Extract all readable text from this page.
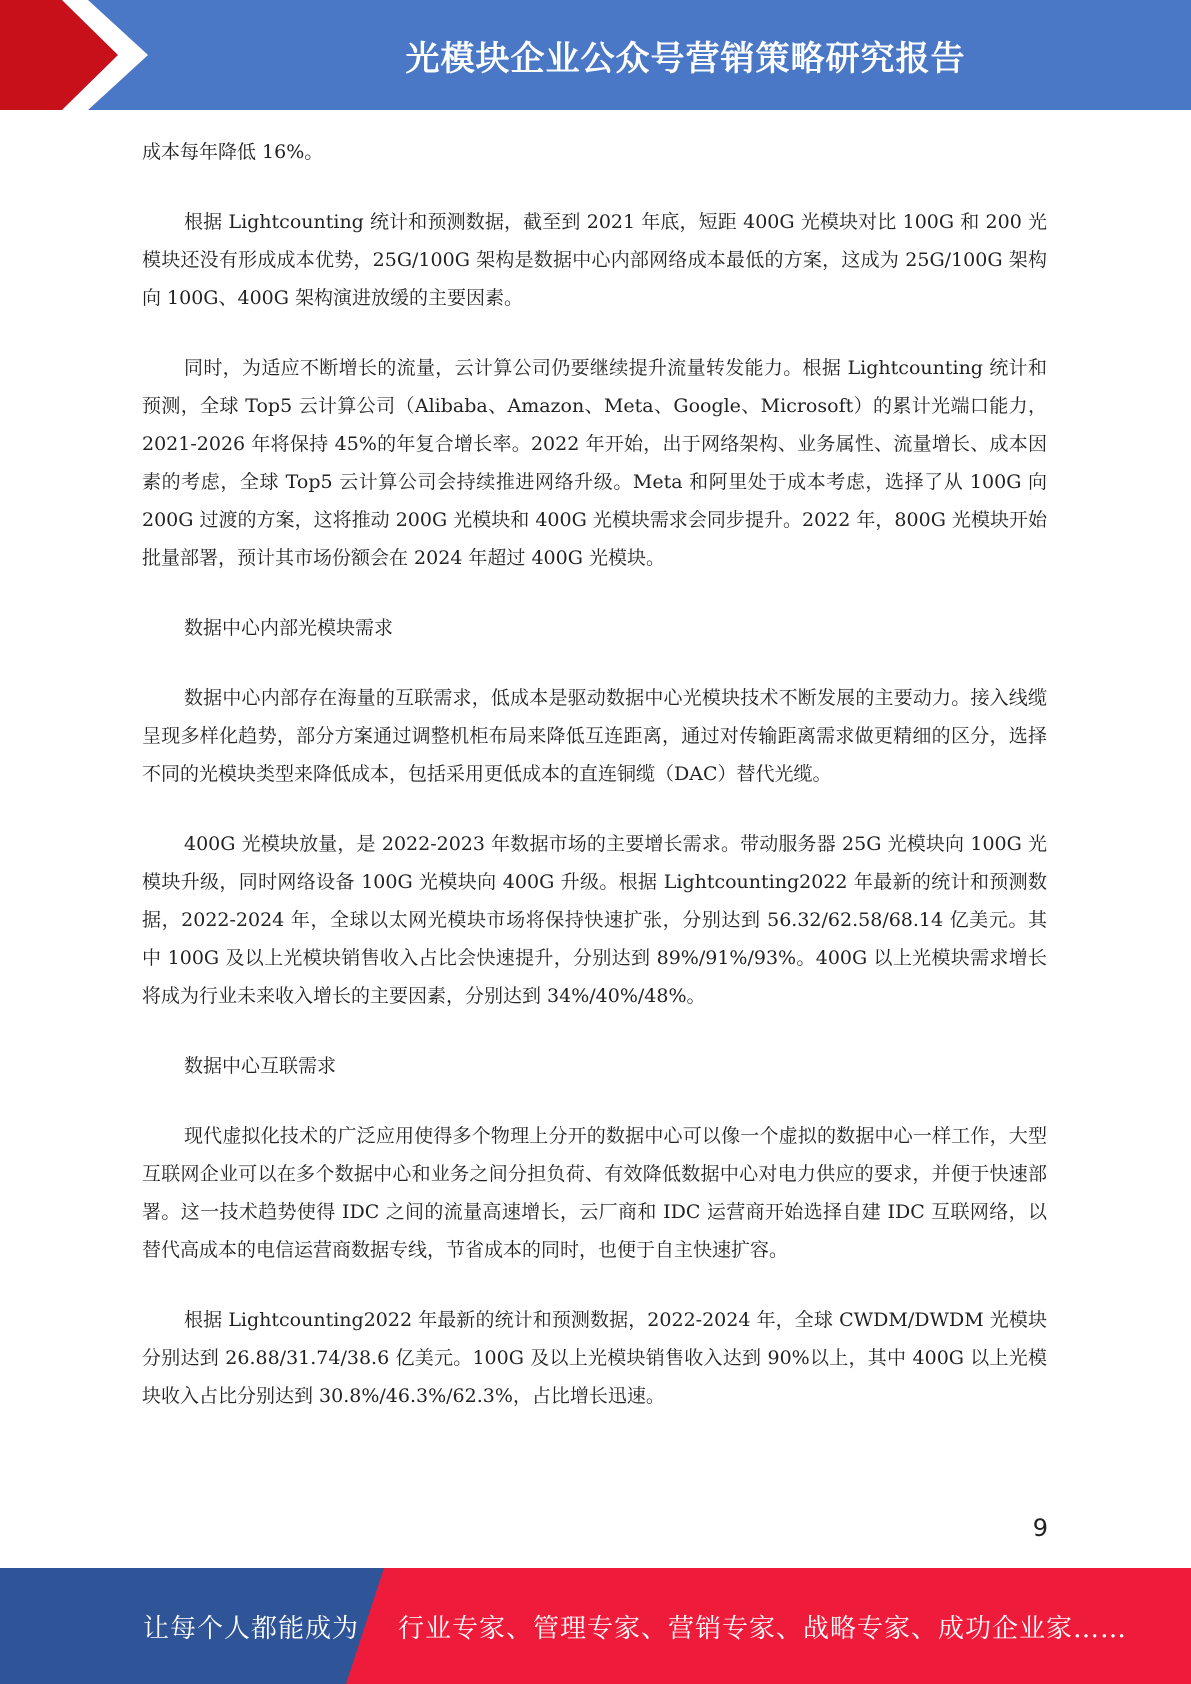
光模块企业公众号营销策略研究报告

成本每年降低 16%。

根据 Lightcounting 统计和预测数据，截至到 2021 年底，短距 400G 光模块对比 100G 和 200 光模块还没有形成成本优势，25G/100G 架构是数据中心内部网络成本最低的方案，这成为 25G/100G 架构向 100G、400G 架构演进放缓的主要因素。

同时，为适应不断增长的流量，云计算公司仍要继续提升流量转发能力。根据 Lightcounting 统计和预测，全球 Top5 云计算公司（Alibaba、Amazon、Meta、Google、Microsoft）的累计光端口能力，2021-2026 年将保持 45%的年复合增长率。2022 年开始，出于网络架构、业务属性、流量增长、成本因素的考虑，全球 Top5 云计算公司会持续推进网络升级。Meta 和阿里处于成本考虑，选择了从 100G 向 200G 过渡的方案，这将推动 200G 光模块和 400G 光模块需求会同步提升。2022 年，800G 光模块开始批量部署，预计其市场份额会在 2024 年超过 400G 光模块。

数据中心内部光模块需求

数据中心内部存在海量的互联需求，低成本是驱动数据中心光模块技术不断发展的主要动力。接入线缆呈现多样化趋势，部分方案通过调整机柜布局来降低互连距离，通过对传输距离需求做更精细的区分，选择不同的光模块类型来降低成本，包括采用更低成本的直连铜缆（DAC）替代光缆。

400G 光模块放量，是 2022-2023 年数据市场的主要增长需求。带动服务器 25G 光模块向 100G 光模块升级，同时网络设备 100G 光模块向 400G 升级。根据 Lightcounting2022 年最新的统计和预测数据，2022-2024 年，全球以太网光模块市场将保持快速扩张，分别达到 56.32/62.58/68.14 亿美元。其中 100G 及以上光模块销售收入占比会快速提升，分别达到 89%/91%/93%。400G 以上光模块需求增长将成为行业未来收入增长的主要因素，分别达到 34%/40%/48%。

数据中心互联需求

现代虚拟化技术的广泛应用使得多个物理上分开的数据中心可以像一个虚拟的数据中心一样工作，大型互联网企业可以在多个数据中心和业务之间分担负荷、有效降低数据中心对电力供应的要求，并便于快速部署。这一技术趋势使得 IDC 之间的流量高速增长，云厂商和 IDC 运营商开始选择自建 IDC 互联网络，以替代高成本的电信运营商数据专线，节省成本的同时，也便于自主快速扩容。

根据 Lightcounting2022 年最新的统计和预测数据，2022-2024 年，全球 CWDM/DWDM 光模块分别达到 26.88/31.74/38.6 亿美元。100G 及以上光模块销售收入达到 90%以上，其中 400G 以上光模块收入占比分别达到 30.8%/46.3%/62.3%，占比增长迅速。

9
让每个人都能成为 行业专家、管理专家、营销专家、战略专家、成功企业家……
